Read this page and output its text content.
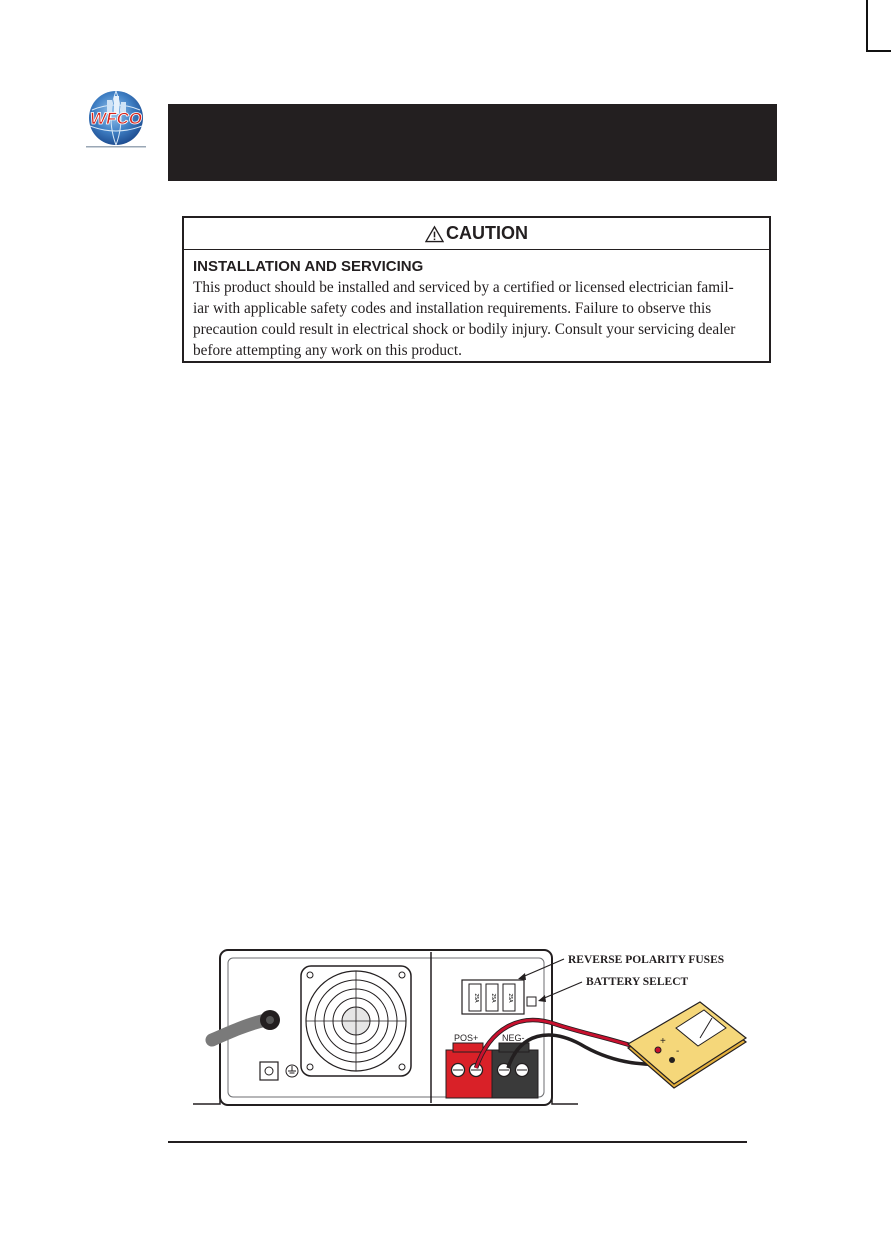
WFCO
CAUTION
INSTALLATION AND SERVICING
This product should be installed and serviced by a certified or licensed electrician famil-
iar with applicable safety codes and installation requirements. Failure to observe this
precaution could result in electrical shock or bodily injury. Consult your servicing dealer
before attempting any work on this product.
25A 25A 25A
REVERSE POLARITY FUSES
BATTERY SELECT
POS+	NEG-	+
-
